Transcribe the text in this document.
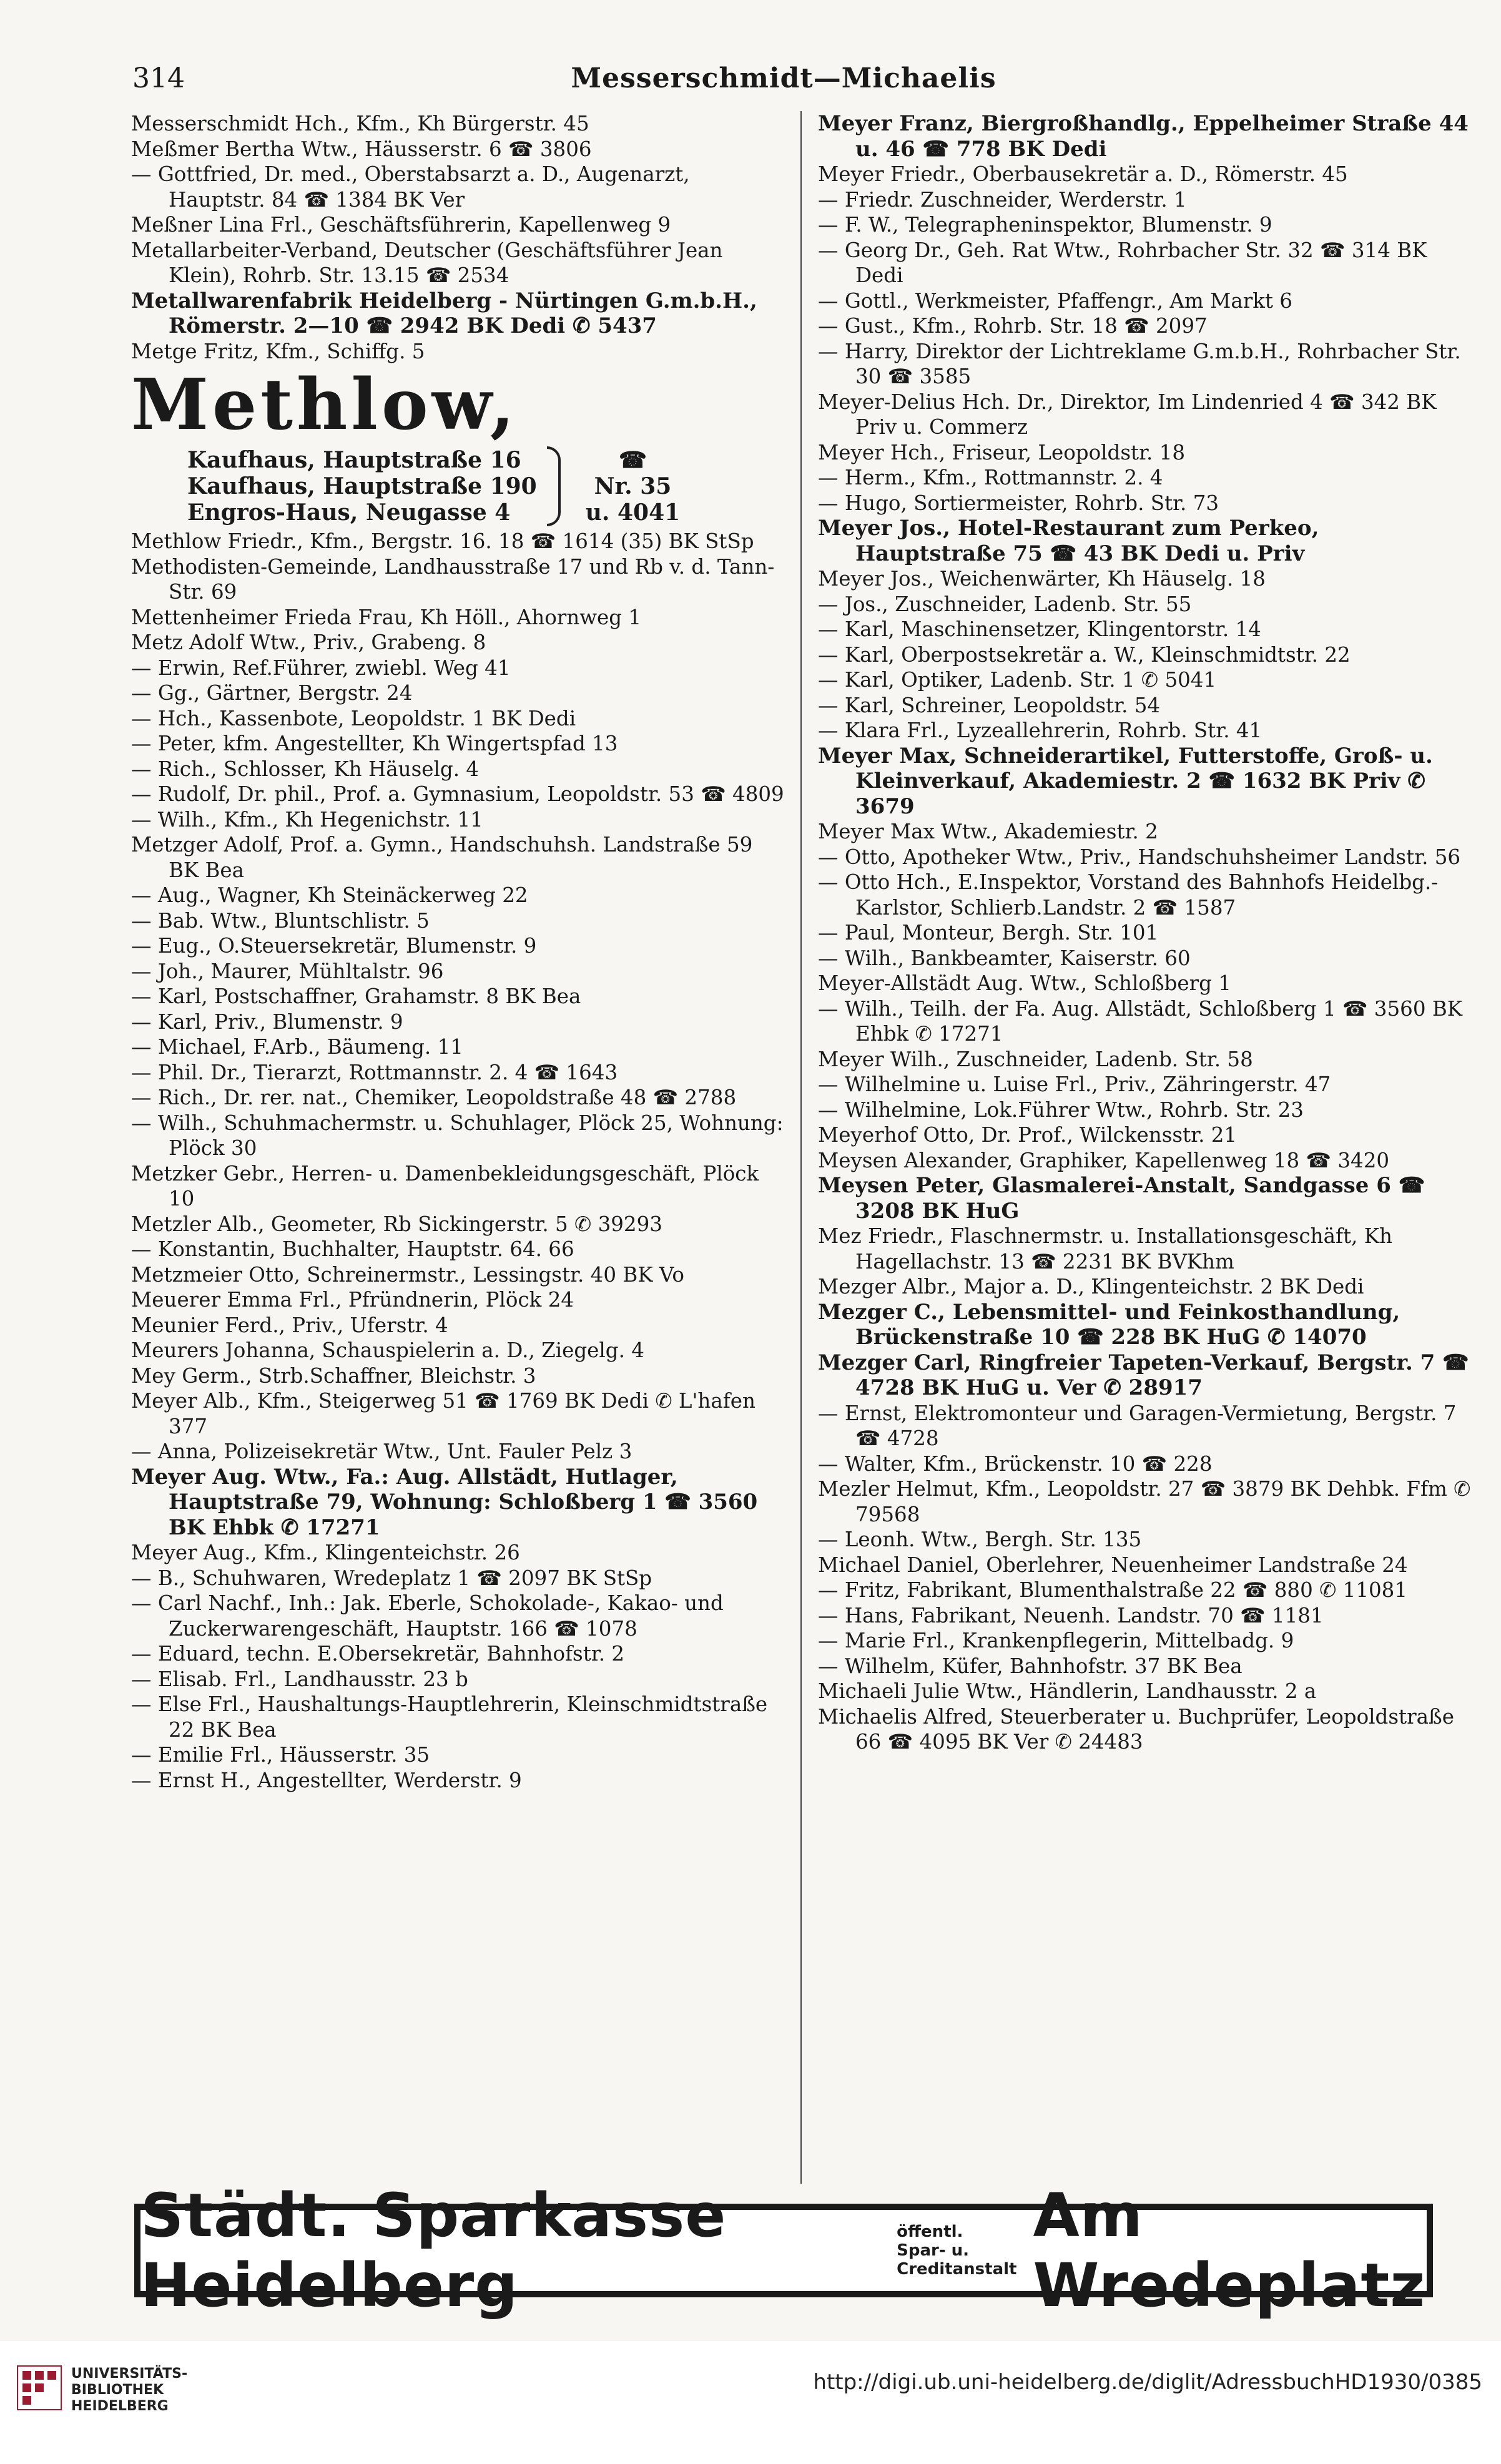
314	Messerschmidt—Michaelis
Messerschmidt Hch., Kfm., Kh Bürgerstr. 45
Meßmer Bertha Wtw., Häusserstr. 6 ☎ 3806
— Gottfried, Dr. med., Oberstabsarzt a. D., Augenarzt, Hauptstr. 84 ☎ 1384 BK Ver
Meßner Lina Frl., Geschäftsführerin, Kapellenweg 9
Metallarbeiter-Verband, Deutscher (Geschäftsführer Jean Klein), Rohrb. Str. 13.15 ☎ 2534
Metallwarenfabrik Heidelberg - Nürtingen G.m.b.H., Römerstr. 2—10 ☎ 2942 BK Dedi ✆ 5437
Metge Fritz, Kfm., Schiffg. 5
Methlow,
Kaufhaus, Hauptstraße 16
Kaufhaus, Hauptstraße 190
Engros-Haus, Neugasse 4
☎
Nr. 35
u. 4041
Methlow Friedr., Kfm., Bergstr. 16. 18 ☎ 1614 (35) BK StSp
Methodisten-Gemeinde, Landhausstraße 17 und Rb v. d. Tann-Str. 69
Mettenheimer Frieda Frau, Kh Höll., Ahornweg 1
Metz Adolf Wtw., Priv., Grabeng. 8
— Erwin, Ref.Führer, zwiebl. Weg 41
— Gg., Gärtner, Bergstr. 24
— Hch., Kassenbote, Leopoldstr. 1 BK Dedi
— Peter, kfm. Angestellter, Kh Wingertspfad 13
— Rich., Schlosser, Kh Häuselg. 4
— Rudolf, Dr. phil., Prof. a. Gymnasium, Leopoldstr. 53 ☎ 4809
— Wilh., Kfm., Kh Hegenichstr. 11
Metzger Adolf, Prof. a. Gymn., Handschuhsh. Landstraße 59 BK Bea
— Aug., Wagner, Kh Steinäckerweg 22
— Bab. Wtw., Bluntschlistr. 5
— Eug., O.Steuersekretär, Blumenstr. 9
— Joh., Maurer, Mühltalstr. 96
— Karl, Postschaffner, Grahamstr. 8 BK Bea
— Karl, Priv., Blumenstr. 9
— Michael, F.Arb., Bäumeng. 11
— Phil. Dr., Tierarzt, Rottmannstr. 2. 4 ☎ 1643
— Rich., Dr. rer. nat., Chemiker, Leopoldstraße 48 ☎ 2788
— Wilh., Schuhmachermstr. u. Schuhlager, Plöck 25, Wohnung: Plöck 30
Metzker Gebr., Herren- u. Damenbekleidungsgeschäft, Plöck 10
Metzler Alb., Geometer, Rb Sickingerstr. 5 ✆ 39293
— Konstantin, Buchhalter, Hauptstr. 64. 66
Metzmeier Otto, Schreinermstr., Lessingstr. 40 BK Vo
Meuerer Emma Frl., Pfründnerin, Plöck 24
Meunier Ferd., Priv., Uferstr. 4
Meurers Johanna, Schauspielerin a. D., Ziegelg. 4
Mey Germ., Strb.Schaffner, Bleichstr. 3
Meyer Alb., Kfm., Steigerweg 51 ☎ 1769 BK Dedi ✆ L'hafen 377
— Anna, Polizeisekretär Wtw., Unt. Fauler Pelz 3
Meyer Aug. Wtw., Fa.: Aug. Allstädt, Hutlager, Hauptstraße 79, Wohnung: Schloßberg 1 ☎ 3560 BK Ehbk ✆ 17271
Meyer Aug., Kfm., Klingenteichstr. 26
— B., Schuhwaren, Wredeplatz 1 ☎ 2097 BK StSp
— Carl Nachf., Inh.: Jak. Eberle, Schokolade-, Kakao- und Zuckerwarengeschäft, Hauptstr. 166 ☎ 1078
— Eduard, techn. E.Obersekretär, Bahnhofstr. 2
— Elisab. Frl., Landhausstr. 23 b
— Else Frl., Haushaltungs-Hauptlehrerin, Kleinschmidtstraße 22 BK Bea
— Emilie Frl., Häusserstr. 35
— Ernst H., Angestellter, Werderstr. 9
Meyer Franz, Biergroßhandlg., Eppelheimer Straße 44 u. 46 ☎ 778 BK Dedi
Meyer Friedr., Oberbausekretär a. D., Römerstr. 45
— Friedr. Zuschneider, Werderstr. 1
— F. W., Telegrapheninspektor, Blumenstr. 9
— Georg Dr., Geh. Rat Wtw., Rohrbacher Str. 32 ☎ 314 BK Dedi
— Gottl., Werkmeister, Pfaffengr., Am Markt 6
— Gust., Kfm., Rohrb. Str. 18 ☎ 2097
— Harry, Direktor der Lichtreklame G.m.b.H., Rohrbacher Str. 30 ☎ 3585
Meyer-Delius Hch. Dr., Direktor, Im Lindenried 4 ☎ 342 BK Priv u. Commerz
Meyer Hch., Friseur, Leopoldstr. 18
— Herm., Kfm., Rottmannstr. 2. 4
— Hugo, Sortiermeister, Rohrb. Str. 73
Meyer Jos., Hotel-Restaurant zum Perkeo, Hauptstraße 75 ☎ 43 BK Dedi u. Priv
Meyer Jos., Weichenwärter, Kh Häuselg. 18
— Jos., Zuschneider, Ladenb. Str. 55
— Karl, Maschinensetzer, Klingentorstr. 14
— Karl, Oberpostsekretär a. W., Kleinschmidtstr. 22
— Karl, Optiker, Ladenb. Str. 1 ✆ 5041
— Karl, Schreiner, Leopoldstr. 54
— Klara Frl., Lyzeallehrerin, Rohrb. Str. 41
Meyer Max, Schneiderartikel, Futterstoffe, Groß- u. Kleinverkauf, Akademiestr. 2 ☎ 1632 BK Priv ✆ 3679
Meyer Max Wtw., Akademiestr. 2
— Otto, Apotheker Wtw., Priv., Handschuhsheimer Landstr. 56
— Otto Hch., E.Inspektor, Vorstand des Bahnhofs Heidelbg.-Karlstor, Schlierb.Landstr. 2 ☎ 1587
— Paul, Monteur, Bergh. Str. 101
— Wilh., Bankbeamter, Kaiserstr. 60
Meyer-Allstädt Aug. Wtw., Schloßberg 1
— Wilh., Teilh. der Fa. Aug. Allstädt, Schloßberg 1 ☎ 3560 BK Ehbk ✆ 17271
Meyer Wilh., Zuschneider, Ladenb. Str. 58
— Wilhelmine u. Luise Frl., Priv., Zähringerstr. 47
— Wilhelmine, Lok.Führer Wtw., Rohrb. Str. 23
Meyerhof Otto, Dr. Prof., Wilckensstr. 21
Meysen Alexander, Graphiker, Kapellenweg 18 ☎ 3420
Meysen Peter, Glasmalerei-Anstalt, Sandgasse 6 ☎ 3208 BK HuG
Mez Friedr., Flaschnermstr. u. Installationsgeschäft, Kh Hagellachstr. 13 ☎ 2231 BK BVKhm
Mezger Albr., Major a. D., Klingenteichstr. 2 BK Dedi
Mezger C., Lebensmittel- und Feinkosthandlung, Brückenstraße 10 ☎ 228 BK HuG ✆ 14070
Mezger Carl, Ringfreier Tapeten-Verkauf, Bergstr. 7 ☎ 4728 BK HuG u. Ver ✆ 28917
— Ernst, Elektromonteur und Garagen-Vermietung, Bergstr. 7 ☎ 4728
— Walter, Kfm., Brückenstr. 10 ☎ 228
Mezler Helmut, Kfm., Leopoldstr. 27 ☎ 3879 BK Dehbk. Ffm ✆ 79568
— Leonh. Wtw., Bergh. Str. 135
Michael Daniel, Oberlehrer, Neuenheimer Landstraße 24
— Fritz, Fabrikant, Blumenthalstraße 22 ☎ 880 ✆ 11081
— Hans, Fabrikant, Neuenh. Landstr. 70 ☎ 1181
— Marie Frl., Krankenpflegerin, Mittelbadg. 9
— Wilhelm, Küfer, Bahnhofstr. 37 BK Bea
Michaeli Julie Wtw., Händlerin, Landhausstr. 2 a
Michaelis Alfred, Steuerberater u. Buchprüfer, Leopoldstraße 66 ☎ 4095 BK Ver ✆ 24483
Städt. Sparkasse Heidelberg
öffentl. Spar- u.
Creditanstalt
Am Wredeplatz
UNIVERSITÄTS-
BIBLIOTHEK
HEIDELBERG
http://digi.ub.uni-heidelberg.de/diglit/AdressbuchHD1930/0385
